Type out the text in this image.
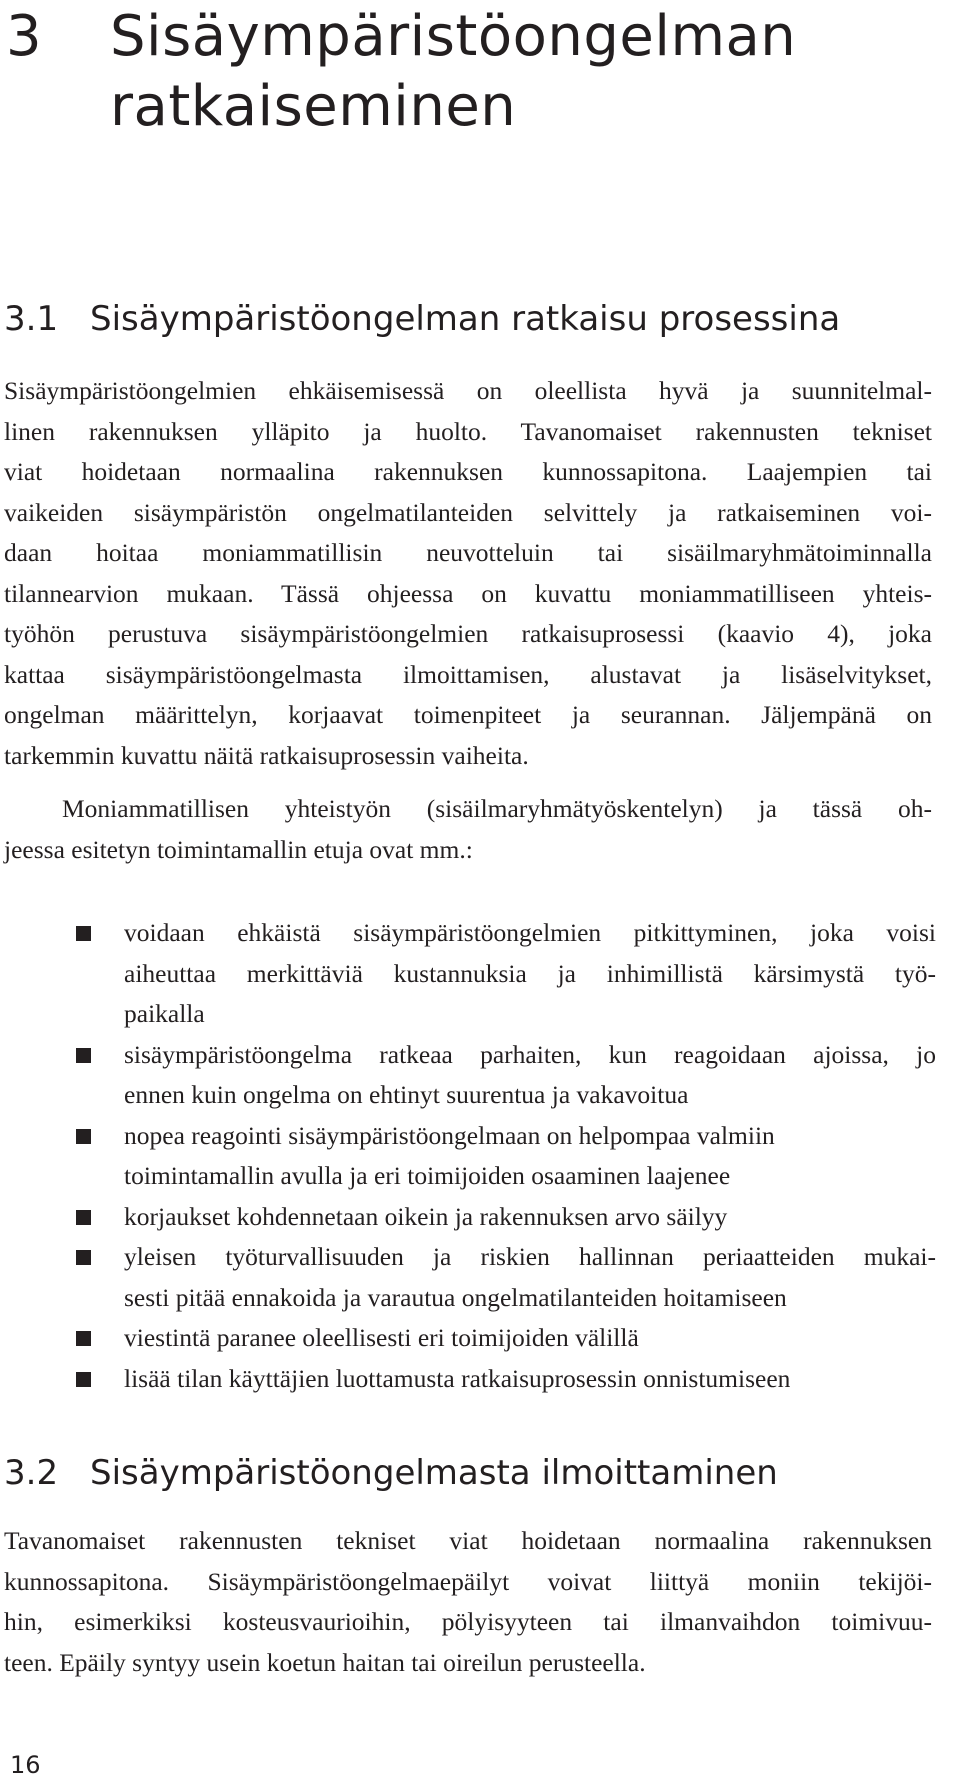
3 Sisäympäristöongelman
ratkaiseminen
3.1 Sisäympäristöongelman ratkaisu prosessina

Sisäympäristöongelmien ehkäisemisessä on oleellista hyvä ja suunnitelmal-
linen rakennuksen ylläpito ja huolto. Tavanomaiset rakennusten tekniset
viat hoidetaan normaalina rakennuksen kunnossapitona. Laajempien tai
vaikeiden sisäympäristön ongelmatilanteiden selvittely ja ratkaiseminen voi-
daan hoitaa moniammatillisin neuvotteluin tai sisäilmaryhmätoiminnalla
tilannearvion mukaan. Tässä ohjeessa on kuvattu moniammatilliseen yhteis-
työhön perustuva sisäympäristöongelmien ratkaisuprosessi (kaavio 4), joka
kattaa sisäympäristöongelmasta ilmoittamisen, alustavat ja lisäselvitykset,
ongelman määrittelyn, korjaavat toimenpiteet ja seurannan. Jäljempänä on
tarkemmin kuvattu näitä ratkaisuprosessin vaiheita.

Moniammatillisen yhteistyön (sisäilmaryhmätyöskentelyn) ja tässä oh-
jeessa esitetyn toimintamallin etuja ovat mm.:

voidaan ehkäistä sisäympäristöongelmien pitkittyminen, joka voisi
aiheuttaa merkittäviä kustannuksia ja inhimillistä kärsimystä työ-
paikalla
sisäympäristöongelma ratkeaa parhaiten, kun reagoidaan ajoissa, jo
ennen kuin ongelma on ehtinyt suurentua ja vakavoitua
nopea reagointi sisäympäristöongelmaan on helpompaa valmiin
toimintamallin avulla ja eri toimijoiden osaaminen laajenee
korjaukset kohdennetaan oikein ja rakennuksen arvo säilyy
yleisen työturvallisuuden ja riskien hallinnan periaatteiden mukai-
sesti pitää ennakoida ja varautua ongelmatilanteiden hoitamiseen
viestintä paranee oleellisesti eri toimijoiden välillä
lisää tilan käyttäjien luottamusta ratkaisuprosessin onnistumiseen
3.2 Sisäympäristöongelmasta ilmoittaminen

Tavanomaiset rakennusten tekniset viat hoidetaan normaalina rakennuksen
kunnossapitona. Sisäympäristöongelmaepäilyt voivat liittyä moniin tekijöi-
hin, esimerkiksi kosteusvaurioihin, pölyisyyteen tai ilmanvaihdon toimivuu-
teen. Epäily syntyy usein koetun haitan tai oireilun perusteella.

16
